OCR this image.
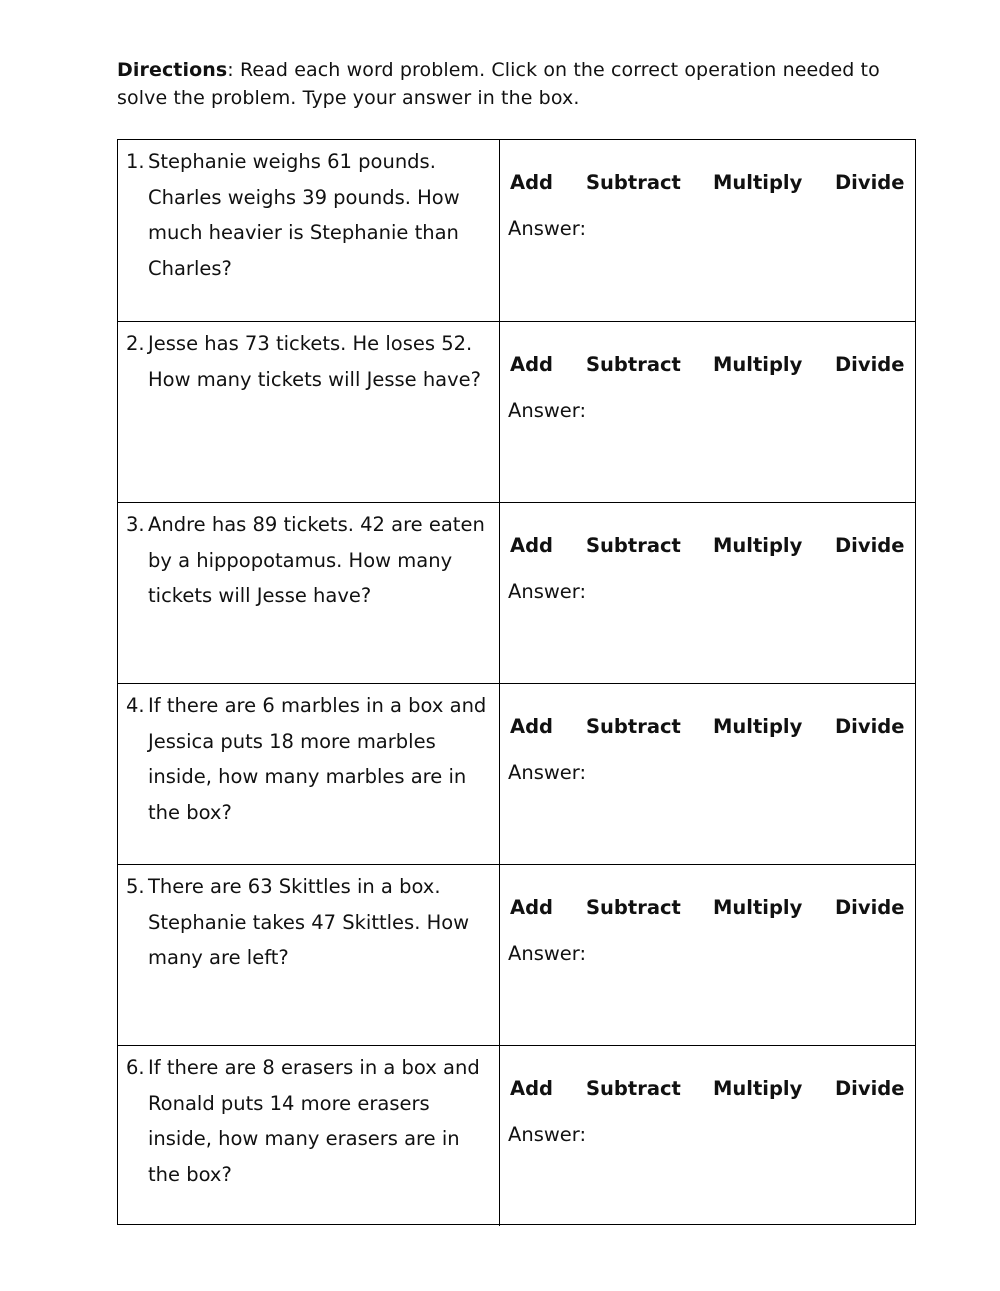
Directions: Read each word problem. Click on the correct operation needed to solve the problem. Type your answer in the box.
1. Stephanie weighs 61 pounds. Charles weighs 39 pounds. How much heavier is Stephanie than Charles?
Add Subtract Multiply Divide
Answer:
2. Jesse has 73 tickets. He loses 52. How many tickets will Jesse have?
Add Subtract Multiply Divide
Answer:
3. Andre has 89 tickets. 42 are eaten by a hippopotamus. How many tickets will Jesse have?
Add Subtract Multiply Divide
Answer:
4. If there are 6 marbles in a box and Jessica puts 18 more marbles inside, how many marbles are in the box?
Add Subtract Multiply Divide
Answer:
5. There are 63 Skittles in a box. Stephanie takes 47 Skittles. How many are left?
Add Subtract Multiply Divide
Answer:
6. If there are 8 erasers in a box and Ronald puts 14 more erasers inside, how many erasers are in the box?
Add Subtract Multiply Divide
Answer:
